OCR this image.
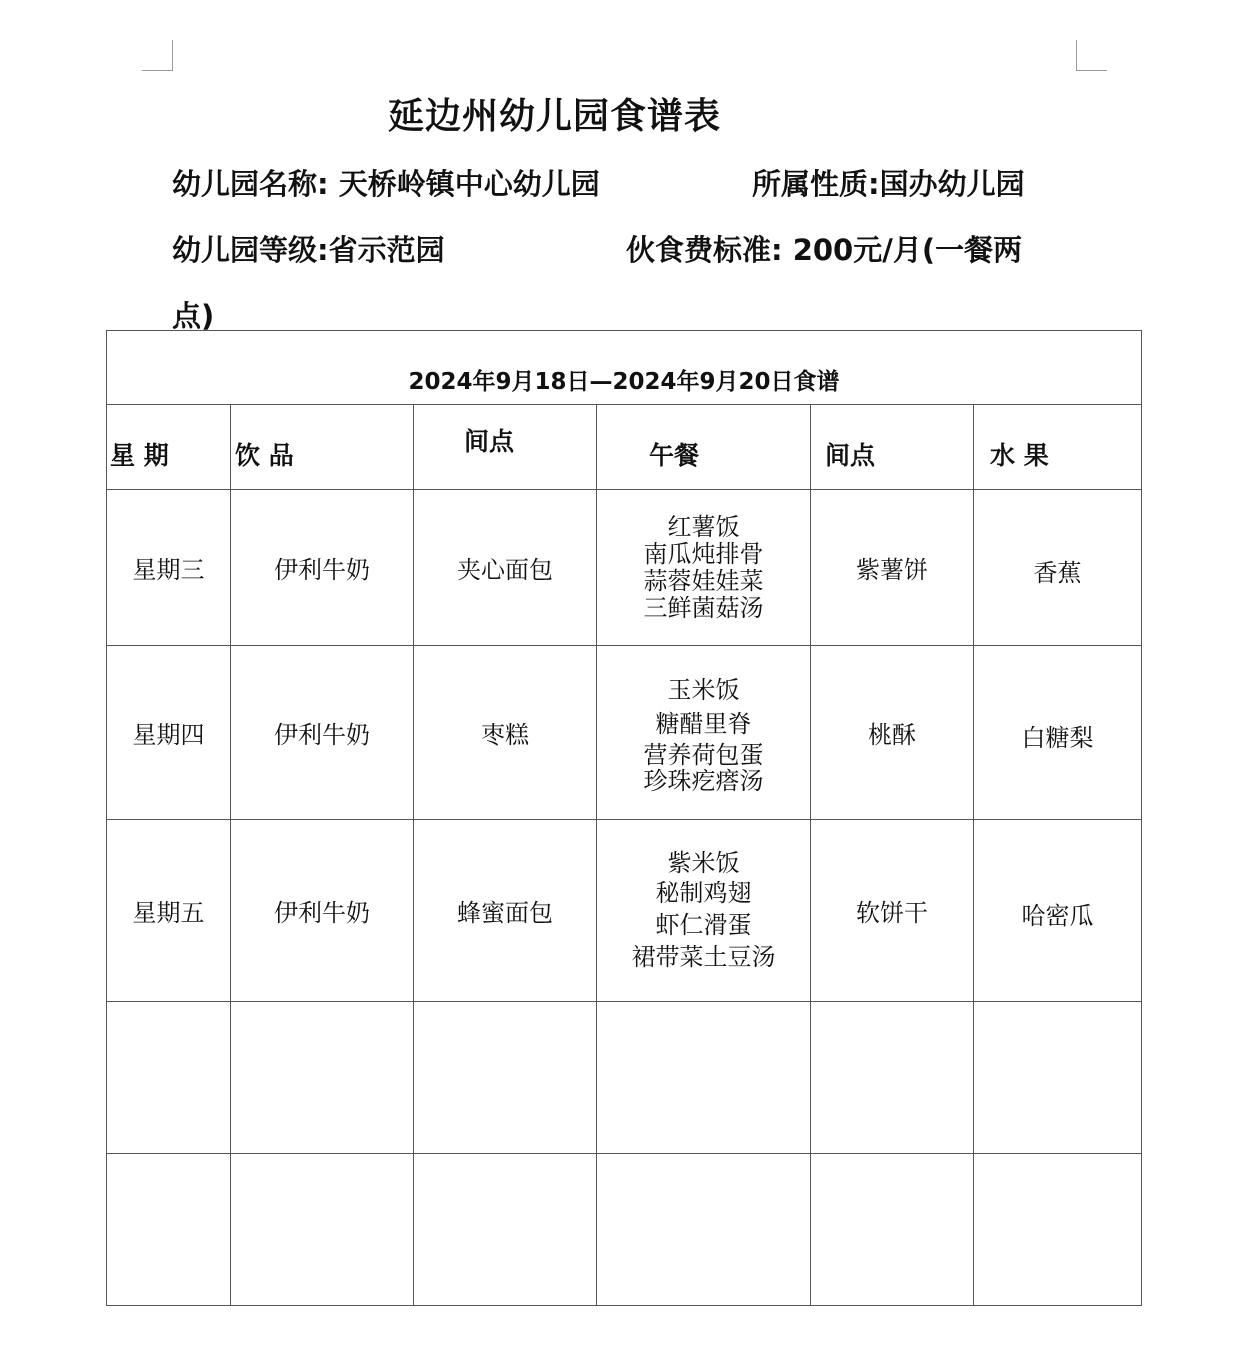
延边州幼儿园食谱表
幼儿园名称: 天桥岭镇中心幼儿园	所属性质:国办幼儿园
幼儿园等级:省示范园	伙食费标准: 200元/月(一餐两
点)
2024年9月18日—2024年9月20日食谱					
星 期	饮 品	间点	午餐	间点	水 果
星期三	伊利牛奶	夹心面包	红薯饭
南瓜炖排骨
蒜蓉娃娃菜
三鲜菌菇汤	紫薯饼	香蕉
星期四	伊利牛奶	枣糕	玉米饭
糖醋里脊
营养荷包蛋
珍珠疙瘩汤	桃酥	白糖梨
星期五	伊利牛奶	蜂蜜面包	紫米饭
秘制鸡翅
虾仁滑蛋
裙带菜土豆汤	软饼干	哈密瓜
